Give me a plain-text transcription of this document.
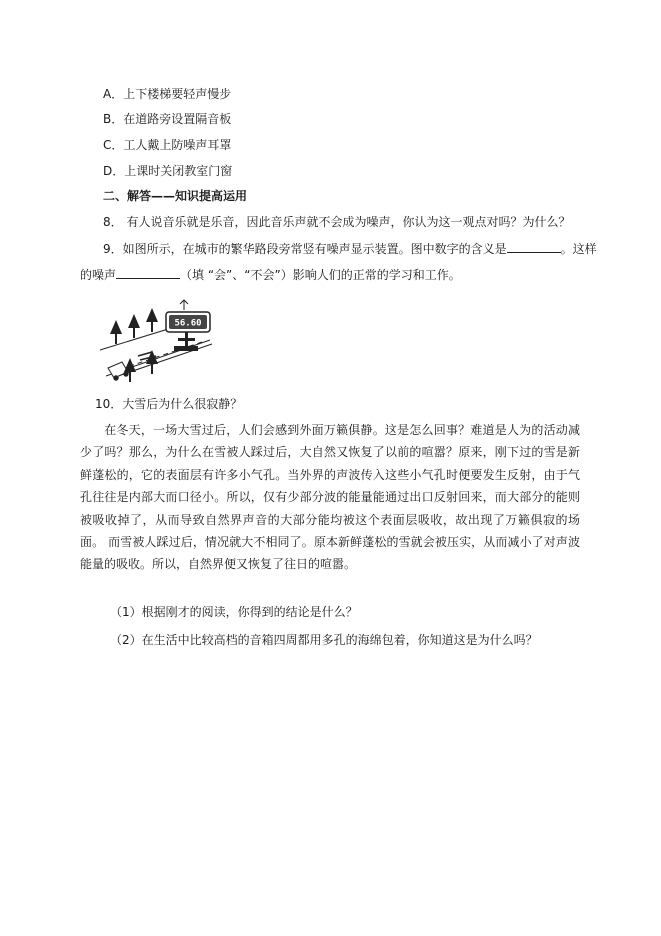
A．上下楼梯要轻声慢步
B．在道路旁设置隔音板
C．工人戴上防噪声耳罩
D．上课时关闭教室门窗
二、解答——知识提高运用
8． 有人说音乐就是乐音，因此音乐声就不会成为噪声，你认为这一观点对吗？为什么？
9．如图所示，在城市的繁华路段旁常竖有噪声显示装置。图中数字的含义是	。这样
的噪声	（填 “会”、“不会”）影响人们的正常的学习和工作。
56.60
10．大雪后为什么很寂静？
在冬天，一场大雪过后，人们会感到外面万籁俱静。这是怎么回事？难道是人为的活动减少了吗？那么，为什么在雪被人踩过后，大自然又恢复了以前的喧嚣？原来，刚下过的雪是新鲜蓬松的，它的表面层有许多小气孔。当外界的声波传入这些小气孔时便要发生反射，由于气孔往往是内部大而口径小。所以，仅有少部分波的能量能通过出口反射回来，而大部分的能则被吸收掉了，从而导致自然界声音的大部分能均被这个表面层吸收，故出现了万籁俱寂的场面。 而雪被人踩过后，情况就大不相同了。原本新鲜蓬松的雪就会被压实，从而减小了对声波能量的吸收。所以，自然界便又恢复了往日的喧嚣。
（1）根据刚才的阅读，你得到的结论是什么？
（2）在生活中比较高档的音箱四周都用多孔的海绵包着，你知道这是为什么吗？
